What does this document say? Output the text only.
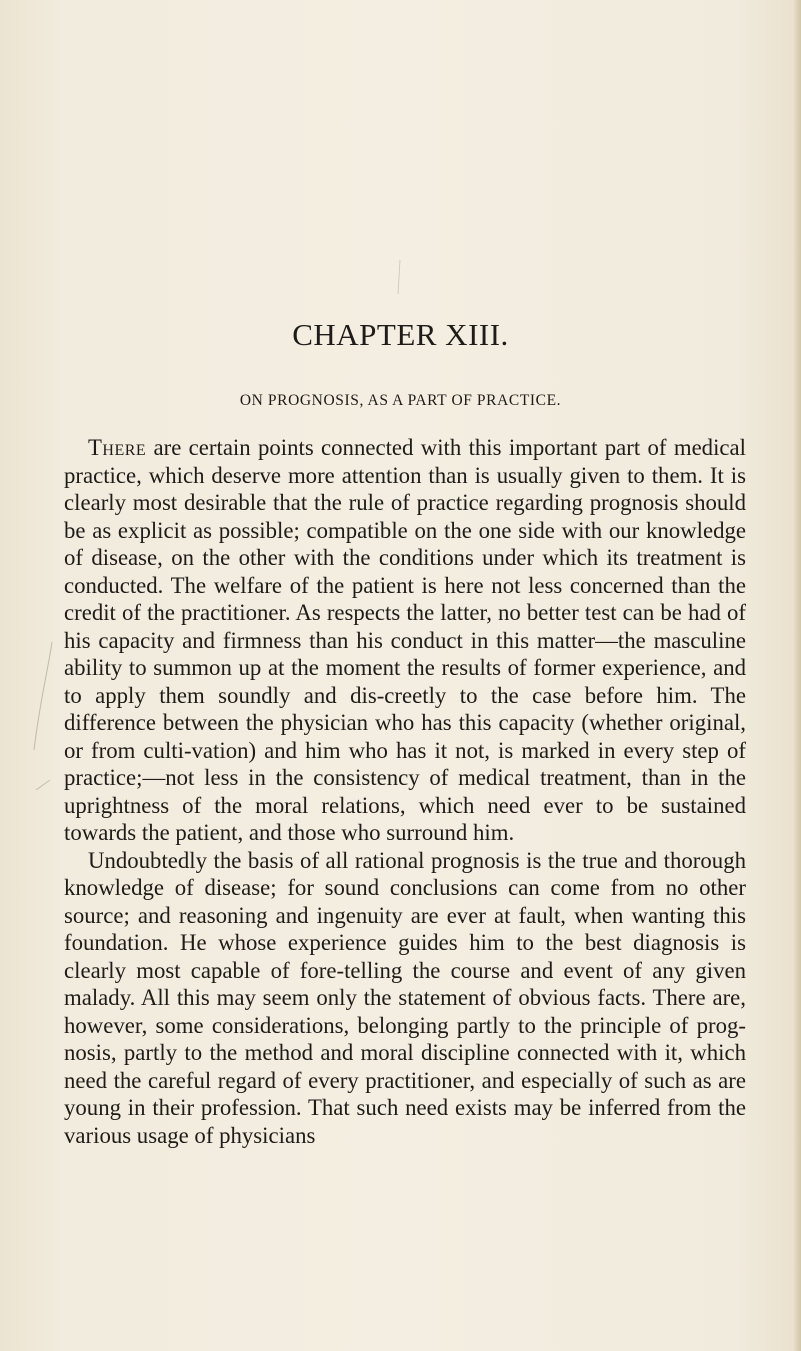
CHAPTER XIII.
ON PROGNOSIS, AS A PART OF PRACTICE.

There are certain points connected with this important part of medical practice, which deserve more attention than is usually given to them. It is clearly most desirable that the rule of practice regarding prognosis should be as explicit as possible; compatible on the one side with our knowledge of disease, on the other with the conditions under which its treatment is conducted. The welfare of the patient is here not less concerned than the credit of the practitioner. As respects the latter, no better test can be had of his capacity and firmness than his conduct in this matter—the masculine ability to summon up at the moment the results of former experience, and to apply them soundly and dis-creetly to the case before him. The difference between the physician who has this capacity (whether original, or from culti-vation) and him who has it not, is marked in every step of practice;—not less in the consistency of medical treatment, than in the uprightness of the moral relations, which need ever to be sustained towards the patient, and those who surround him.

Undoubtedly the basis of all rational prognosis is the true and thorough knowledge of disease; for sound conclusions can come from no other source; and reasoning and ingenuity are ever at fault, when wanting this foundation. He whose experience guides him to the best diagnosis is clearly most capable of fore-telling the course and event of any given malady. All this may seem only the statement of obvious facts. There are, however, some considerations, belonging partly to the principle of prog-nosis, partly to the method and moral discipline connected with it, which need the careful regard of every practitioner, and especially of such as are young in their profession. That such need exists may be inferred from the various usage of physicians
